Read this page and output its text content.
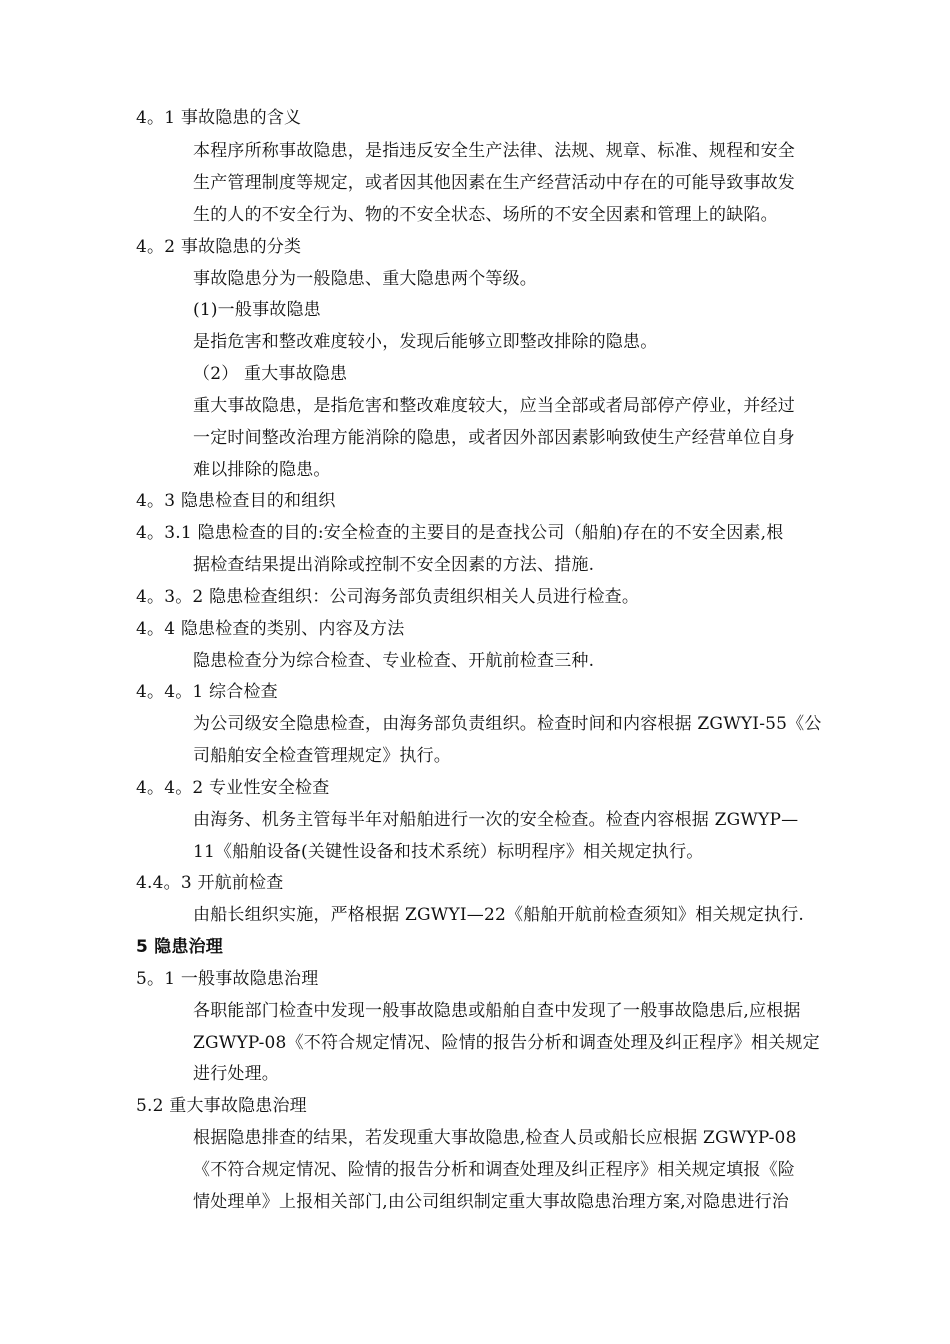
4。1 事故隐患的含义
本程序所称事故隐患，是指违反安全生产法律、法规、规章、标准、规程和安全
生产管理制度等规定，或者因其他因素在生产经营活动中存在的可能导致事故发
生的人的不安全行为、物的不安全状态、场所的不安全因素和管理上的缺陷。
4。2 事故隐患的分类
事故隐患分为一般隐患、重大隐患两个等级。
(1)一般事故隐患
是指危害和整改难度较小，发现后能够立即整改排除的隐患。
（2） 重大事故隐患
重大事故隐患，是指危害和整改难度较大，应当全部或者局部停产停业，并经过
一定时间整改治理方能消除的隐患，或者因外部因素影响致使生产经营单位自身
难以排除的隐患。
4。3 隐患检查目的和组织
4。3.1 隐患检查的目的:安全检查的主要目的是查找公司（船舶)存在的不安全因素,根
据检查结果提出消除或控制不安全因素的方法、措施.
4。3。2 隐患检查组织：公司海务部负责组织相关人员进行检查。
4。4 隐患检查的类别、内容及方法
隐患检查分为综合检查、专业检查、开航前检查三种.
4。4。1 综合检查
为公司级安全隐患检查，由海务部负责组织。检查时间和内容根据 ZGWYI-55《公
司船舶安全检查管理规定》执行。
4。4。2 专业性安全检查
由海务、机务主管每半年对船舶进行一次的安全检查。检查内容根据 ZGWYP—
11《船舶设备(关键性设备和技术系统）标明程序》相关规定执行。
4.4。3 开航前检查
由船长组织实施，严格根据 ZGWYI—22《船舶开航前检查须知》相关规定执行.
5 隐患治理
5。1 一般事故隐患治理
各职能部门检查中发现一般事故隐患或船舶自查中发现了一般事故隐患后,应根据
ZGWYP-08《不符合规定情况、险情的报告分析和调查处理及纠正程序》相关规定
进行处理。
5.2 重大事故隐患治理
根据隐患排查的结果，若发现重大事故隐患,检查人员或船长应根据 ZGWYP-08
《不符合规定情况、险情的报告分析和调查处理及纠正程序》相关规定填报《险
情处理单》上报相关部门,由公司组织制定重大事故隐患治理方案,对隐患进行治
